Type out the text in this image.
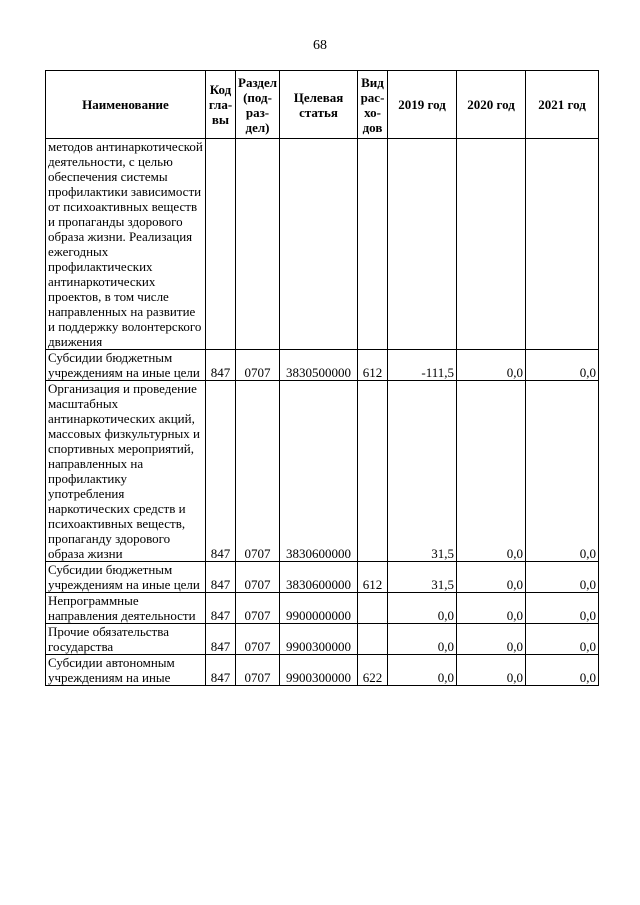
68
Наименование	Код гла-вы	Раздел (под-раз-дел)	Целевая статья	Вид рас-хо-дов	2019 год	2020 год	2021 год
методов антинаркотической деятельности, с целью обеспечения системы профилактики зависимости от психоактивных веществ и пропаганды здорового образа жизни. Реализация ежегодных профилактических антинаркотических проектов, в том числе направленных на развитие и поддержку волонтерского движения							
Субсидии бюджетным учреждениям на иные цели	847	0707	3830500000	612	-111,5	0,0	0,0
Организация и проведение масштабных антинаркотических акций, массовых физкультурных и спортивных мероприятий, направленных на профилактику употребления наркотических средств и психоактивных веществ, пропаганду здорового образа жизни	847	0707	3830600000		31,5	0,0	0,0
Субсидии бюджетным учреждениям на иные цели	847	0707	3830600000	612	31,5	0,0	0,0
Непрограммные направления деятельности	847	0707	9900000000		0,0	0,0	0,0
Прочие обязательства государства	847	0707	9900300000		0,0	0,0	0,0
Субсидии автономным учреждениям на иные	847	0707	9900300000	622	0,0	0,0	0,0
